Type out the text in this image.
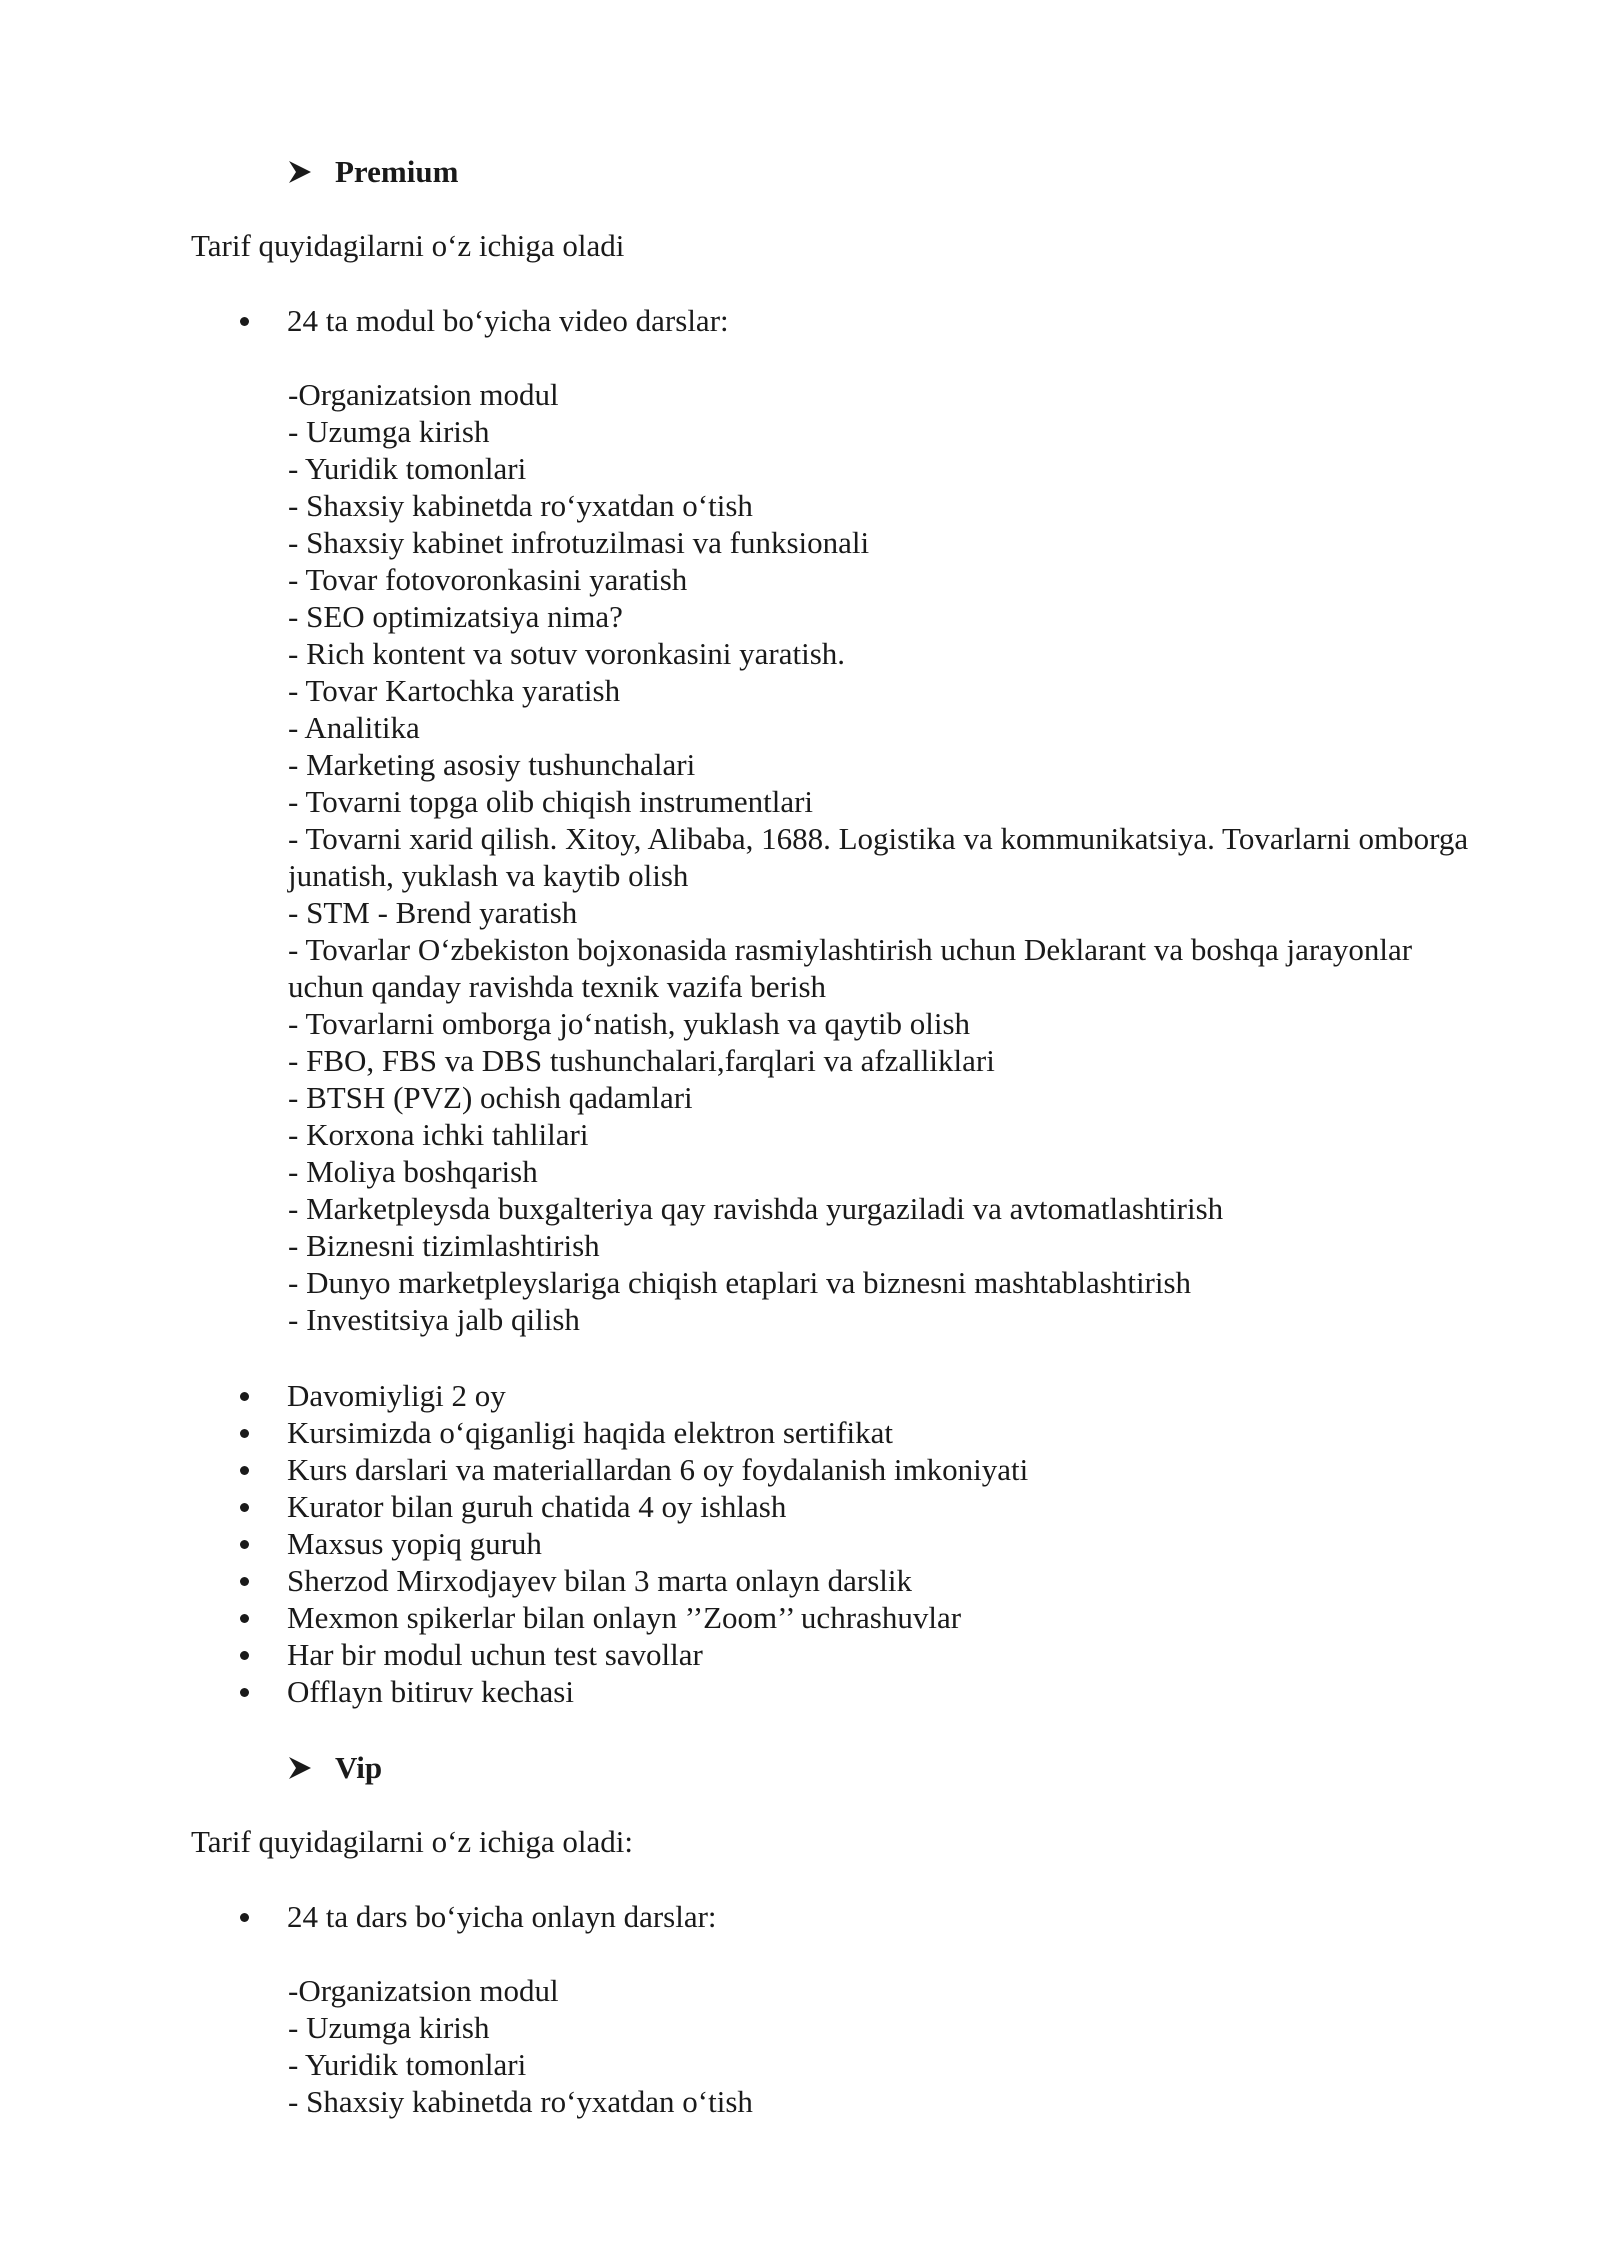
Premium
Tarif quyidagilarni o‘z ichiga oladi
24 ta modul bo‘yicha video darslar:
-Organizatsion modul
- Uzumga kirish
- Yuridik tomonlari
- Shaxsiy kabinetda ro‘yxatdan o‘tish
- Shaxsiy kabinet infrotuzilmasi va funksionali
- Tovar fotovoronkasini yaratish
- SEO optimizatsiya nima?
- Rich kontent va sotuv voronkasini yaratish.
- Tovar Kartochka yaratish
- Analitika
- Marketing asosiy tushunchalari
- Tovarni topga olib chiqish instrumentlari
- Tovarni xarid qilish. Xitoy, Alibaba, 1688. Logistika va kommunikatsiya. Tovarlarni omborga junatish, yuklash va kaytib olish
- STM - Brend yaratish
- Tovarlar O‘zbekiston bojxonasida rasmiylashtirish uchun Deklarant va boshqa jarayonlar uchun qanday ravishda texnik vazifa berish
- Tovarlarni omborga jo‘natish, yuklash va qaytib olish
- FBO, FBS va DBS tushunchalari,farqlari va afzalliklari
- BTSH (PVZ) ochish qadamlari
- Korxona ichki tahlilari
- Moliya boshqarish
- Marketpleysda buxgalteriya qay ravishda yurgaziladi va avtomatlashtirish
- Biznesni tizimlashtirish
- Dunyo marketpleyslariga chiqish etaplari va biznesni mashtablashtirish
- Investitsiya jalb qilish
Davomiyligi 2 oy
Kursimizda o‘qiganligi haqida elektron sertifikat
Kurs darslari va materiallardan 6 oy foydalanish imkoniyati
Kurator bilan guruh chatida 4 oy ishlash
Maxsus yopiq guruh
Sherzod Mirxodjayev bilan 3 marta onlayn darslik
Mexmon spikerlar bilan onlayn ’’Zoom’’ uchrashuvlar
Har bir modul uchun test savollar
Offlayn bitiruv kechasi
Vip
Tarif quyidagilarni o‘z ichiga oladi:
24 ta dars bo‘yicha onlayn darslar:
-Organizatsion modul
- Uzumga kirish
- Yuridik tomonlari
- Shaxsiy kabinetda ro‘yxatdan o‘tish
